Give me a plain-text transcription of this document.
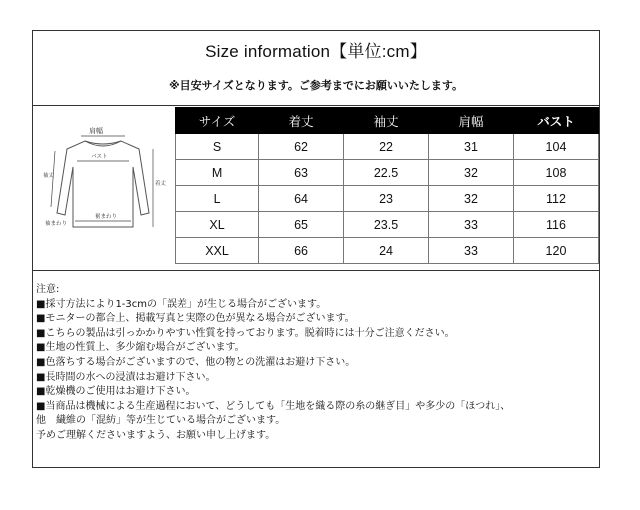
Size information【単位:cm】
※目安サイズとなります。ご参考までにお願いいたします。
肩幅
バスト
袖丈
着丈
裾まわり
袖まわり
サイズ	着丈	袖丈	肩幅	バスト
S	62	22	31	104
M	63	22.5	32	108
L	64	23	32	112
XL	65	23.5	33	116
XXL	66	24	33	120
注意:
■採寸方法により1-3cmの「誤差」が生じる場合がございます。
■モニターの都合上、掲載写真と実際の色が異なる場合がございます。
■こちらの製品は引っかかりやすい性質を持っております。脱着時には十分ご注意ください。
■生地の性質上、多少縮む場合がございます。
■色落ちする場合がございますので、他の物との洗濯はお避け下さい。
■長時間の水への浸漬はお避け下さい。
■乾燥機のご使用はお避け下さい。
■当商品は機械による生産過程において、どうしても「生地を織る際の糸の継ぎ目」や多少の「ほつれ」、
他　繊維の「混紡」等が生じている場合がございます。
予めご理解くださいますよう、お願い申し上げます。
